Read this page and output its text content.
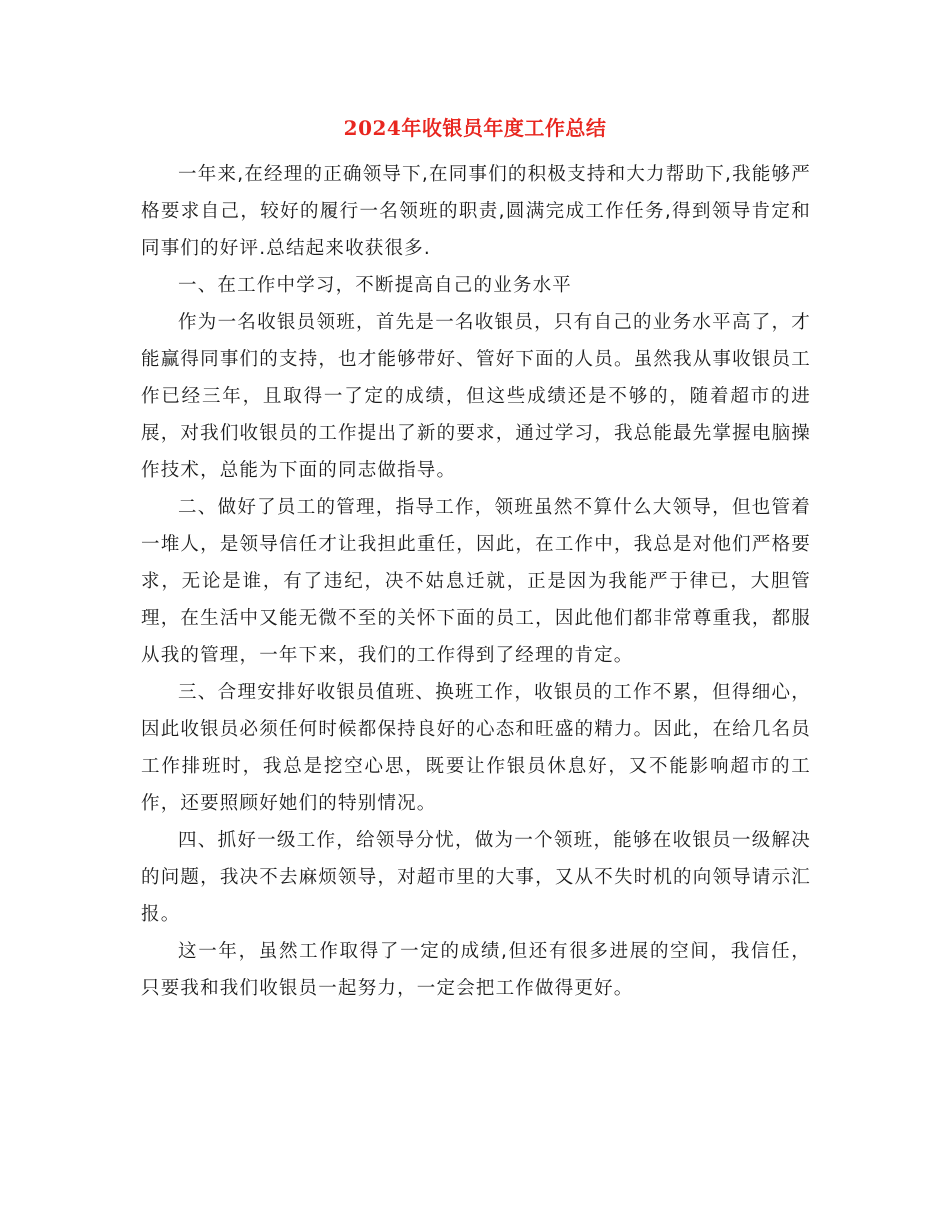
2024年收银员年度工作总结

一年来,在经理的正确领导下,在同事们的积极支持和大力帮助下,我能够严格要求自己，较好的履行一名领班的职责,圆满完成工作任务,得到领导肯定和同事们的好评.总结起来收获很多.

一、在工作中学习，不断提高自己的业务水平

作为一名收银员领班，首先是一名收银员，只有自己的业务水平高了，才能赢得同事们的支持，也才能够带好、管好下面的人员。虽然我从事收银员工作已经三年，且取得一了定的成绩，但这些成绩还是不够的，随着超市的进展，对我们收银员的工作提出了新的要求，通过学习，我总能最先掌握电脑操作技术，总能为下面的同志做指导。

二、做好了员工的管理，指导工作，领班虽然不算什么大领导，但也管着一堆人，是领导信任才让我担此重任，因此，在工作中，我总是对他们严格要求，无论是谁，有了违纪，决不姑息迁就，正是因为我能严于律已，大胆管理，在生活中又能无微不至的关怀下面的员工，因此他们都非常尊重我，都服从我的管理，一年下来，我们的工作得到了经理的肯定。

三、合理安排好收银员值班、换班工作，收银员的工作不累，但得细心，因此收银员必须任何时候都保持良好的心态和旺盛的精力。因此，在给几名员工作排班时，我总是挖空心思，既要让作银员休息好，又不能影响超市的工作，还要照顾好她们的特别情况。

四、抓好一级工作，给领导分忧，做为一个领班，能够在收银员一级解决的问题，我决不去麻烦领导，对超市里的大事，又从不失时机的向领导请示汇报。

这一年，虽然工作取得了一定的成绩,但还有很多进展的空间，我信任，只要我和我们收银员一起努力，一定会把工作做得更好。
